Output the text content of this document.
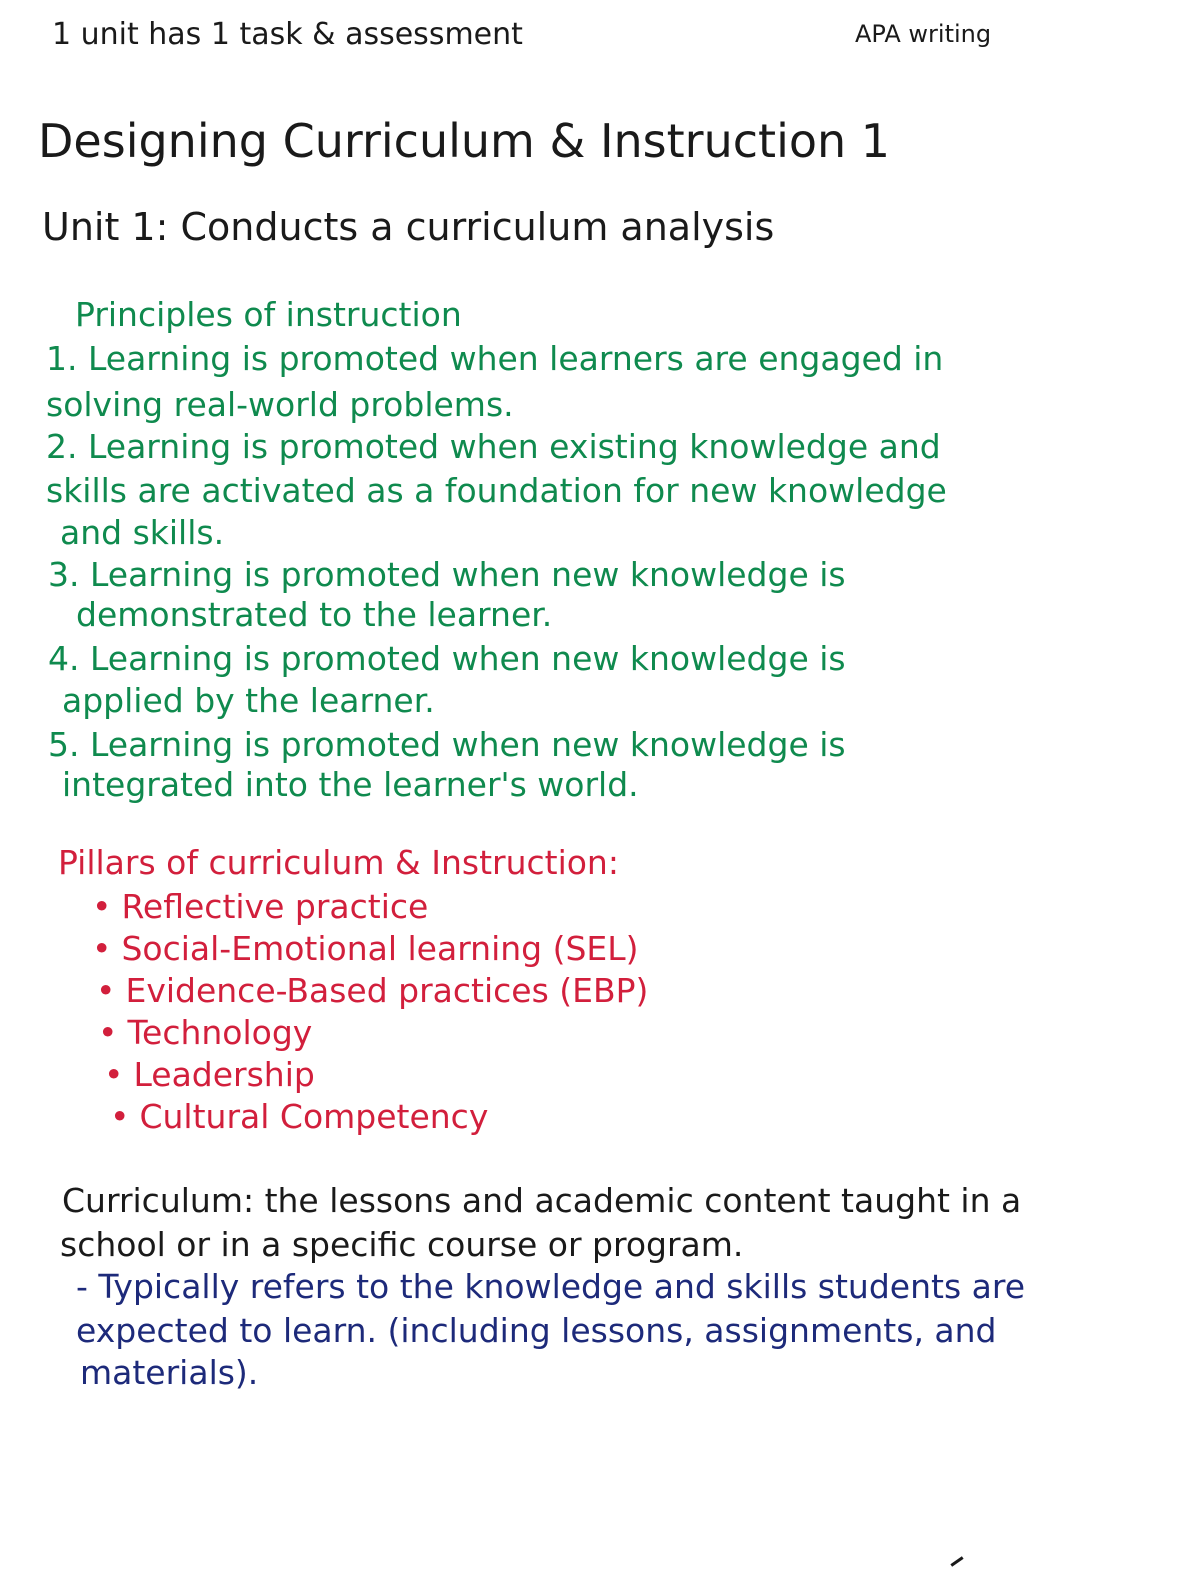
1 unit has 1 task & assessment	APA writing
Designing Curriculum & Instruction 1
Unit 1: Conducts a curriculum analysis
Principles of instruction
1. Learning is promoted when learners are engaged in
solving real-world problems.
2. Learning is promoted when existing knowledge and
skills are activated as a foundation for new knowledge
and skills.
3. Learning is promoted when new knowledge is
demonstrated to the learner.
4. Learning is promoted when new knowledge is
applied by the learner.
5. Learning is promoted when new knowledge is
integrated into the learner's world.
Pillars of curriculum & Instruction:
• Reflective practice
• Social-Emotional learning (SEL)
• Evidence-Based practices (EBP)
• Technology
• Leadership
• Cultural Competency
Curriculum: the lessons and academic content taught in a
school or in a specific course or program.
- Typically refers to the knowledge and skills students are
expected to learn. (including lessons, assignments, and
materials).
